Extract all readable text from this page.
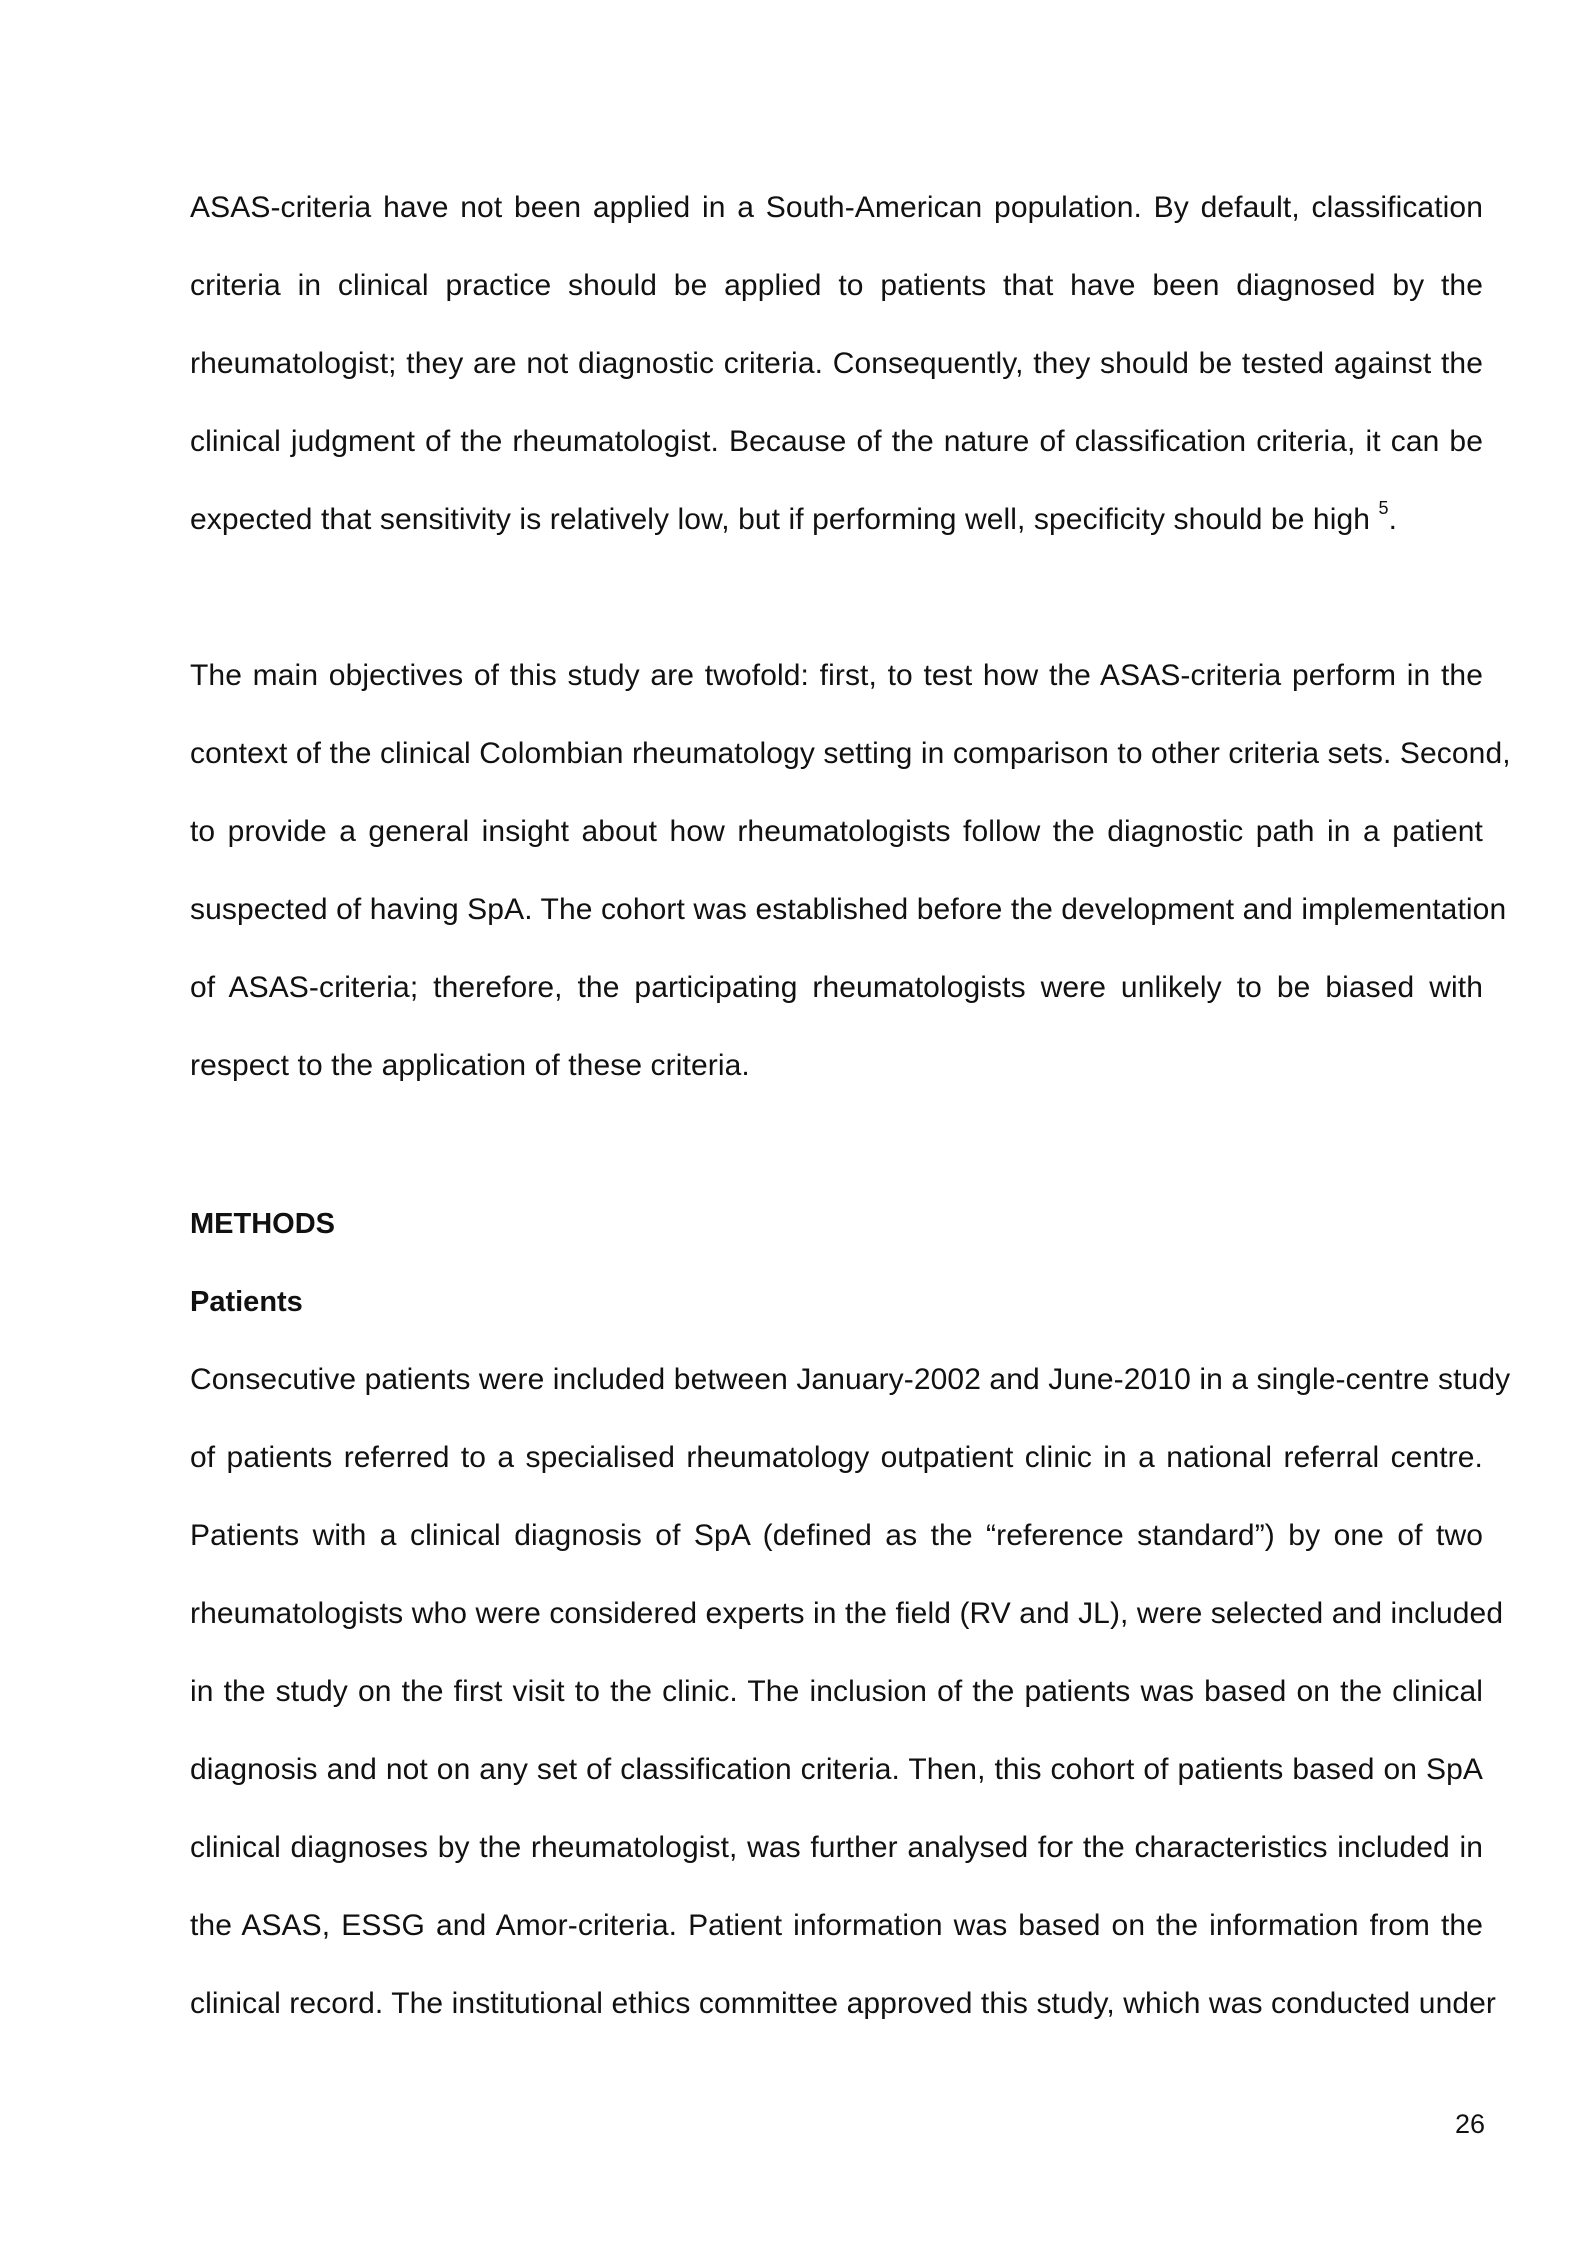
ASAS-criteria have not been applied in a South-American population. By default, classification
criteria in clinical practice should be applied to patients that have been diagnosed by the
rheumatologist; they are not diagnostic criteria. Consequently, they should be tested against the
clinical judgment of the rheumatologist. Because of the nature of classification criteria, it can be
expected that sensitivity is relatively low, but if performing well, specificity should be high $^5$.
The main objectives of this study are twofold: first, to test how the ASAS-criteria perform in the
context of the clinical Colombian rheumatology setting in comparison to other criteria sets. Second,
to provide a general insight about how rheumatologists follow the diagnostic path in a patient
suspected of having SpA. The cohort was established before the development and implementation
of ASAS-criteria; therefore, the participating rheumatologists were unlikely to be biased with
respect to the application of these criteria.
METHODS
Patients
Consecutive patients were included between January-2002 and June-2010 in a single-centre study
of patients referred to a specialised rheumatology outpatient clinic in a national referral centre.
Patients with a clinical diagnosis of SpA (defined as the “reference standard”) by one of two
rheumatologists who were considered experts in the field (RV and JL), were selected and included
in the study on the first visit to the clinic. The inclusion of the patients was based on the clinical
diagnosis and not on any set of classification criteria. Then, this cohort of patients based on SpA
clinical diagnoses by the rheumatologist, was further analysed for the characteristics included in
the ASAS, ESSG and Amor-criteria. Patient information was based on the information from the
clinical record. The institutional ethics committee approved this study, which was conducted under
26
